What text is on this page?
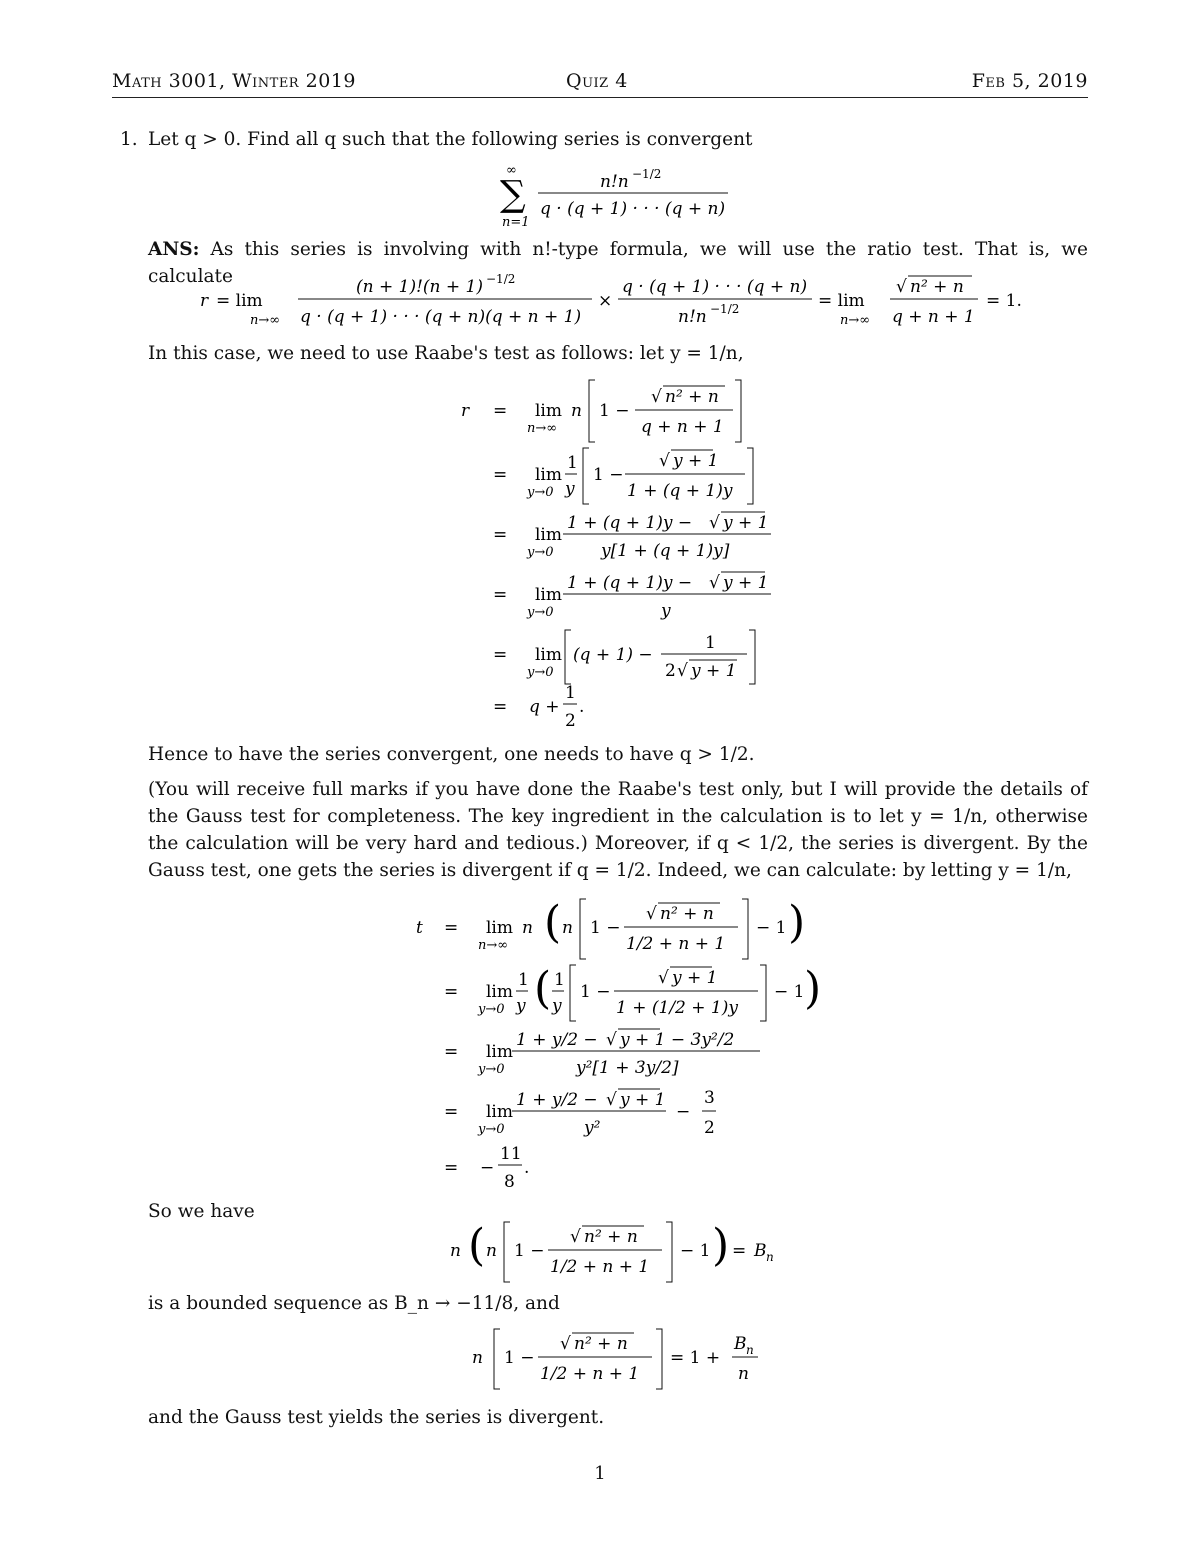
Math 3001, Winter 2019	Quiz 4	Feb 5, 2019
1. Let q > 0. Find all q such that the following series is convergent
∞
∑
n=1
n!n −1/2
q · (q + 1) · · · (q + n)
ANS: As this series is involving with n!-type formula, we will use the ratio test. That is, we calculate
r = lim
n→∞
(n + 1)!(n + 1) −1/2
q · (q + 1) · · · (q + n)(q + n + 1)
×
q · (q + 1) · · · (q + n)
n!n −1/2	= lim
n→∞
√ n² + n
q + n + 1
= 1.
In this case, we need to use Raabe's test as follows: let y = 1/n,
r = lim
n→∞
n 1 −
√ n² + n
q + n + 1
= lim
y→0
1
y
1 −
√ y + 1
1 + (q + 1)y
= lim
y→0
1 + (q + 1)y − √ y + 1
y[1 + (q + 1)y]
= lim
y→0
1 + (q + 1)y − √ y + 1
y
= lim
y→0
(q + 1) −
1
2 √ y + 1
= q +
1
2
.
Hence to have the series convergent, one needs to have q > 1/2.
(You will receive full marks if you have done the Raabe's test only, but I will provide the details of the Gauss test for completeness. The key ingredient in the calculation is to let y = 1/n, otherwise the calculation will be very hard and tedious.) Moreover, if q < 1/2, the series is divergent. By the Gauss test, one gets the series is divergent if q = 1/2. Indeed, we can calculate: by letting y = 1/n,
t = lim
n→∞
n ( n 1 −
√ n² + n
1/2 + n + 1
− 1 )
= lim
y→0
1
y ( 1
y
1 −
√ y + 1
1 + (1/2 + 1)y
− 1 )
= lim
y→0
1 + y/2 − √ y + 1 − 3y²/2
y²[1 + 3y/2]
= lim
y→0
1 + y/2 − √ y + 1
y²
−
3
2
= −
11
8
.
So we have
n ( n 1 −
√ n² + n
1/2 + n + 1
− 1 ) = B n
is a bounded sequence as B_n → −11/8, and
n 1 −
√ n² + n
1/2 + n + 1
= 1 +
B n
n
and the Gauss test yields the series is divergent.
1
